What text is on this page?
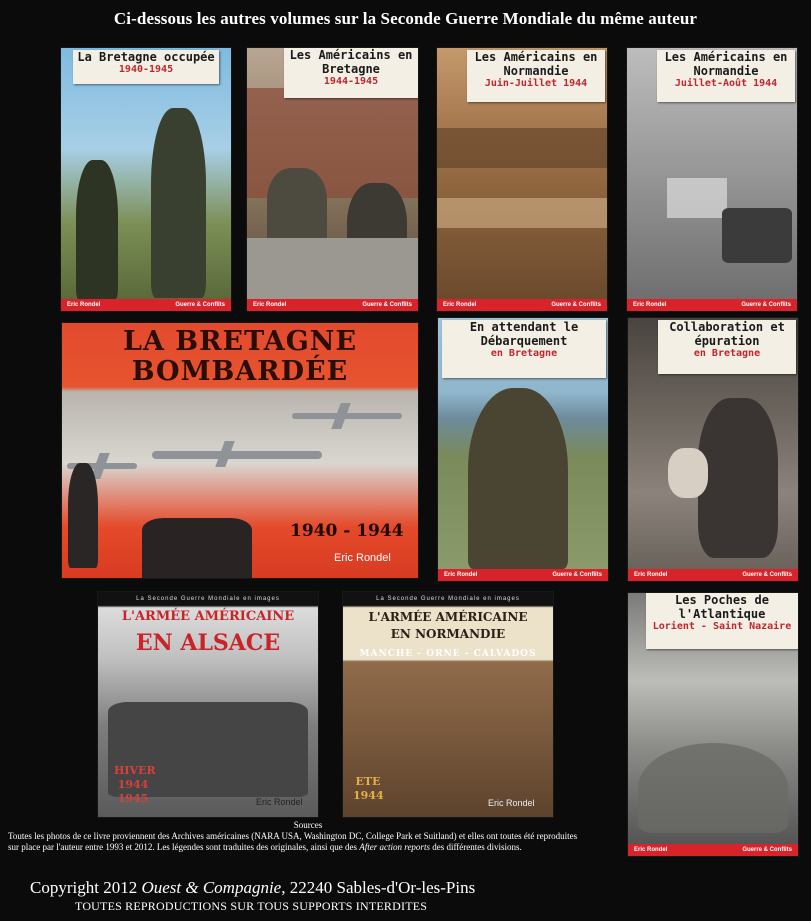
Ci-dessous les autres volumes sur la Seconde Guerre Mondiale du même auteur
La Bretagne occupée
1940-1945
Eric Rondel	Guerre & Conflits
Les Américains en Bretagne
1944-1945
Eric Rondel	Guerre & Conflits
Les Américains en Normandie
Juin-Juillet 1944
Eric Rondel	Guerre & Conflits
Les Américains en Normandie
Juillet-Août 1944
Eric Rondel	Guerre & Conflits
LA BRETAGNE
BOMBARDÉE
1940 - 1944
Eric Rondel
En attendant le Débarquement
en Bretagne
Eric Rondel	Guerre & Conflits
Collaboration et épuration
en Bretagne
Eric Rondel	Guerre & Conflits
La Seconde Guerre Mondiale en images
L'ARMÉE AMÉRICAINE
EN ALSACE
HIVER 1944 1945	Eric Rondel
La Seconde Guerre Mondiale en images
L'ARMÉE AMÉRICAINE
EN NORMANDIE
MANCHE - ORNE - CALVADOS
ETE 1944
Eric Rondel
Les Poches de l'Atlantique
Lorient - Saint Nazaire
Eric Rondel	Guerre & Conflits
Sources
Toutes les photos de ce livre proviennent des Archives américaines (NARA USA, Washington DC, College Park et Suitland) et elles ont toutes été reproduites
sur place par l'auteur entre 1993 et 2012. Les légendes sont traduites des originales, ainsi que des After action reports des différentes divisions.
Copyright 2012 Ouest & Compagnie, 22240 Sables-d'Or-les-Pins
TOUTES REPRODUCTIONS SUR TOUS SUPPORTS INTERDITES
